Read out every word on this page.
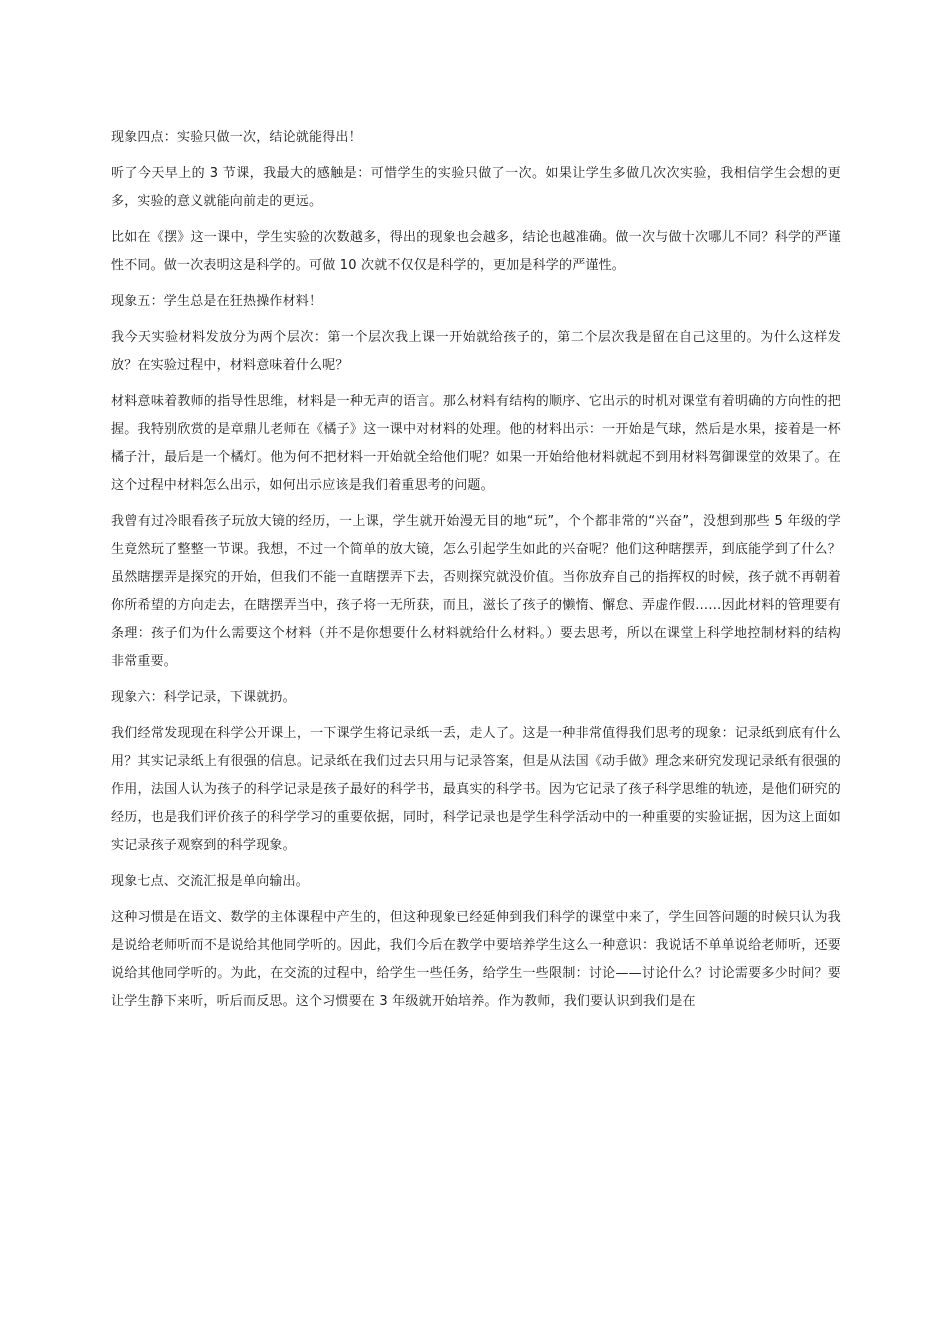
现象四点：实验只做一次，结论就能得出！

听了今天早上的 3 节课，我最大的感触是：可惜学生的实验只做了一次。如果让学生多做几次次实验，我相信学生会想的更多，实验的意义就能向前走的更远。

比如在《摆》这一课中，学生实验的次数越多，得出的现象也会越多，结论也越准确。做一次与做十次哪儿不同？科学的严谨性不同。做一次表明这是科学的。可做 10 次就不仅仅是科学的，更加是科学的严谨性。

现象五：学生总是在狂热操作材料！

我今天实验材料发放分为两个层次：第一个层次我上课一开始就给孩子的，第二个层次我是留在自己这里的。为什么这样发放？在实验过程中，材料意味着什么呢？

材料意味着教师的指导性思维，材料是一种无声的语言。那么材料有结构的顺序、它出示的时机对课堂有着明确的方向性的把握。我特别欣赏的是章鼎儿老师在《橘子》这一课中对材料的处理。他的材料出示：一开始是气球，然后是水果，接着是一杯橘子汁，最后是一个橘灯。他为何不把材料一开始就全给他们呢？如果一开始给他材料就起不到用材料驾御课堂的效果了。在这个过程中材料怎么出示，如何出示应该是我们着重思考的问题。

我曾有过冷眼看孩子玩放大镜的经历，一上课，学生就开始漫无目的地“玩”，个个都非常的“兴奋”，没想到那些 5 年级的学生竟然玩了整整一节课。我想，不过一个简单的放大镜，怎么引起学生如此的兴奋呢？他们这种瞎摆弄，到底能学到了什么？虽然瞎摆弄是探究的开始，但我们不能一直瞎摆弄下去，否则探究就没价值。当你放弃自己的指挥权的时候，孩子就不再朝着你所希望的方向走去，在瞎摆弄当中，孩子将一无所获，而且，滋长了孩子的懒惰、懈怠、弄虚作假……因此材料的管理要有条理：孩子们为什么需要这个材料（并不是你想要什么材料就给什么材料。）要去思考，所以在课堂上科学地控制材料的结构非常重要。

现象六：科学记录，下课就扔。

我们经常发现现在科学公开课上，一下课学生将记录纸一丢，走人了。这是一种非常值得我们思考的现象：记录纸到底有什么用？其实记录纸上有很强的信息。记录纸在我们过去只用与记录答案，但是从法国《动手做》理念来研究发现记录纸有很强的作用，法国人认为孩子的科学记录是孩子最好的科学书，最真实的科学书。因为它记录了孩子科学思维的轨迹，是他们研究的经历，也是我们评价孩子的科学学习的重要依据，同时，科学记录也是学生科学活动中的一种重要的实验证据，因为这上面如实记录孩子观察到的科学现象。

现象七点、交流汇报是单向输出。

这种习惯是在语文、数学的主体课程中产生的，但这种现象已经延伸到我们科学的课堂中来了，学生回答问题的时候只认为我是说给老师听而不是说给其他同学听的。因此，我们今后在教学中要培养学生这么一种意识：我说话不单单说给老师听，还要说给其他同学听的。为此，在交流的过程中，给学生一些任务，给学生一些限制：讨论——讨论什么？讨论需要多少时间？要让学生静下来听，听后而反思。这个习惯要在 3 年级就开始培养。作为教师，我们要认识到我们是在
